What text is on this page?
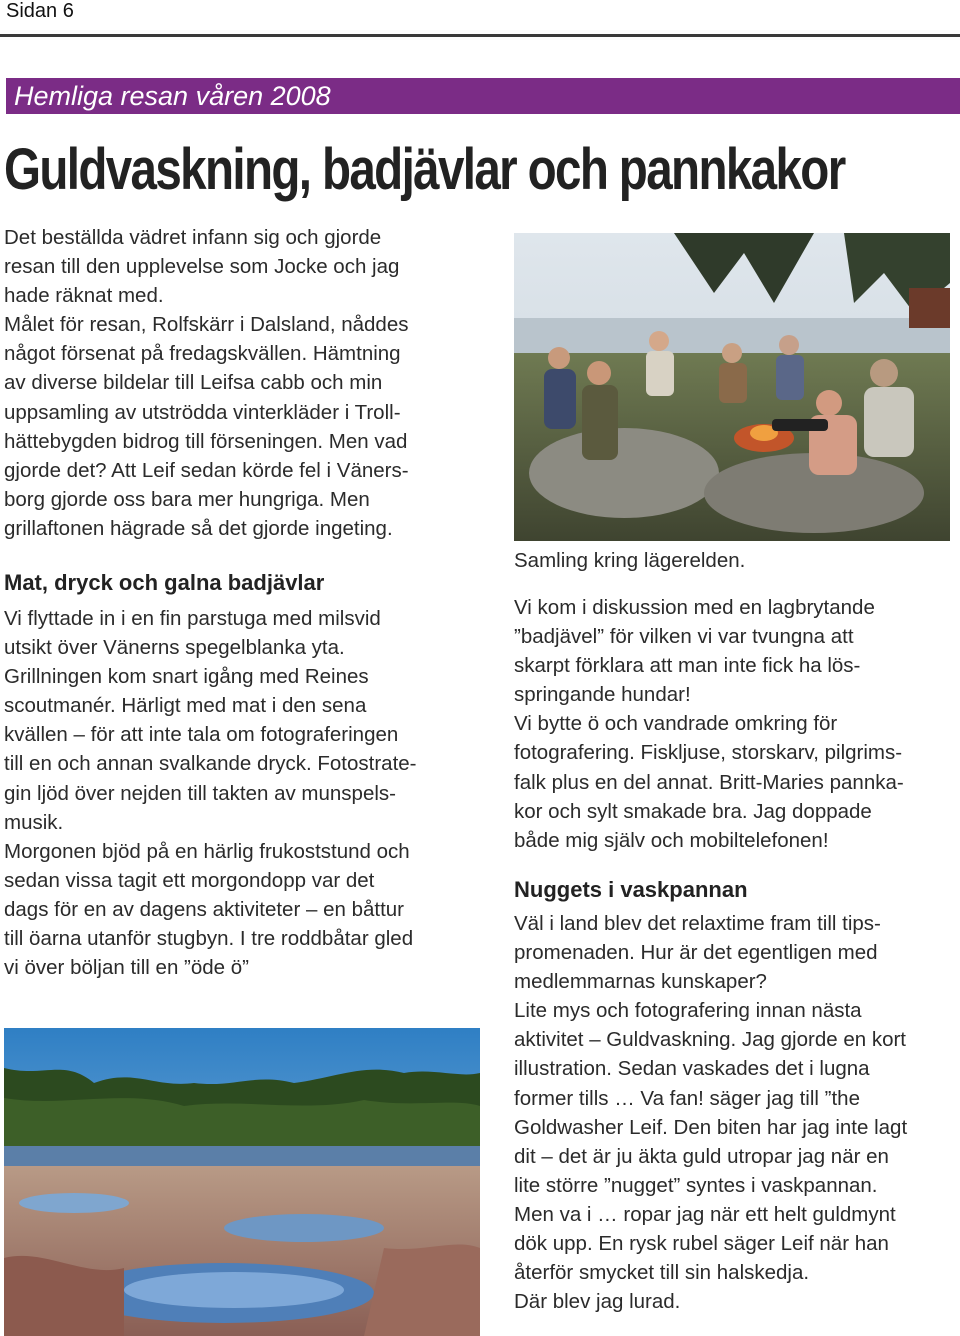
Sidan 6
Hemliga resan våren 2008
Guldvaskning, badjävlar och pannkakor

Det beställda vädret infann sig och gjorde

resan till den upplevelse som Jocke och jag

hade räknat med.

Målet för resan, Rolfskärr i Dalsland, nåddes

något försenat på fredagskvällen. Hämtning

av diverse bildelar till Leifsa cabb och min

uppsamling av utströdda vinterkläder i Troll-

hättebygden bidrog till förseningen. Men vad

gjorde det? Att Leif sedan körde fel i Väners-

borg gjorde oss bara mer hungriga. Men

grillaftonen hägrade så det gjorde ingeting.

Mat, dryck och galna badjävlar

Vi flyttade in i en fin parstuga med milsvid

utsikt över Vänerns spegelblanka yta.

Grillningen kom snart igång med Reines

scoutmanér. Härligt med mat i den sena

kvällen – för att inte tala om fotograferingen

till en och annan svalkande dryck. Fotostrate-

gin ljöd över nejden till takten av munspels-

musik.

Morgonen bjöd på en härlig frukoststund och

sedan vissa tagit ett morgondopp var det

dags för en av dagens aktiviteter – en båttur

till öarna utanför stugbyn. I tre roddbåtar gled

vi över böljan till en ”öde ö”

Samling kring lägerelden.

Vi kom i diskussion med en lagbrytande

”badjävel” för vilken vi var tvungna att

skarpt förklara att man inte fick ha lös-

springande hundar!

Vi bytte ö och vandrade omkring för

fotografering. Fiskljuse, storskarv, pilgrims-

falk plus en del annat. Britt-Maries pannka-

kor och sylt smakade bra. Jag doppade

både mig själv och mobiltelefonen!

Nuggets i vaskpannan

Väl i land blev det relaxtime fram till tips-

promenaden. Hur är det egentligen med

medlemmarnas kunskaper?

Lite mys och fotografering innan nästa

aktivitet – Guldvaskning. Jag gjorde en kort

illustration. Sedan vaskades det i lugna

former tills … Va fan! säger jag till ”the

Goldwasher Leif. Den biten har jag inte lagt

dit – det är ju äkta guld utropar jag när en

lite större ”nugget” syntes i vaskpannan.

Men va i … ropar jag när ett helt guldmynt

dök upp. En rysk rubel säger Leif när han

återför smycket till sin halskedja.

Där blev jag lurad.
